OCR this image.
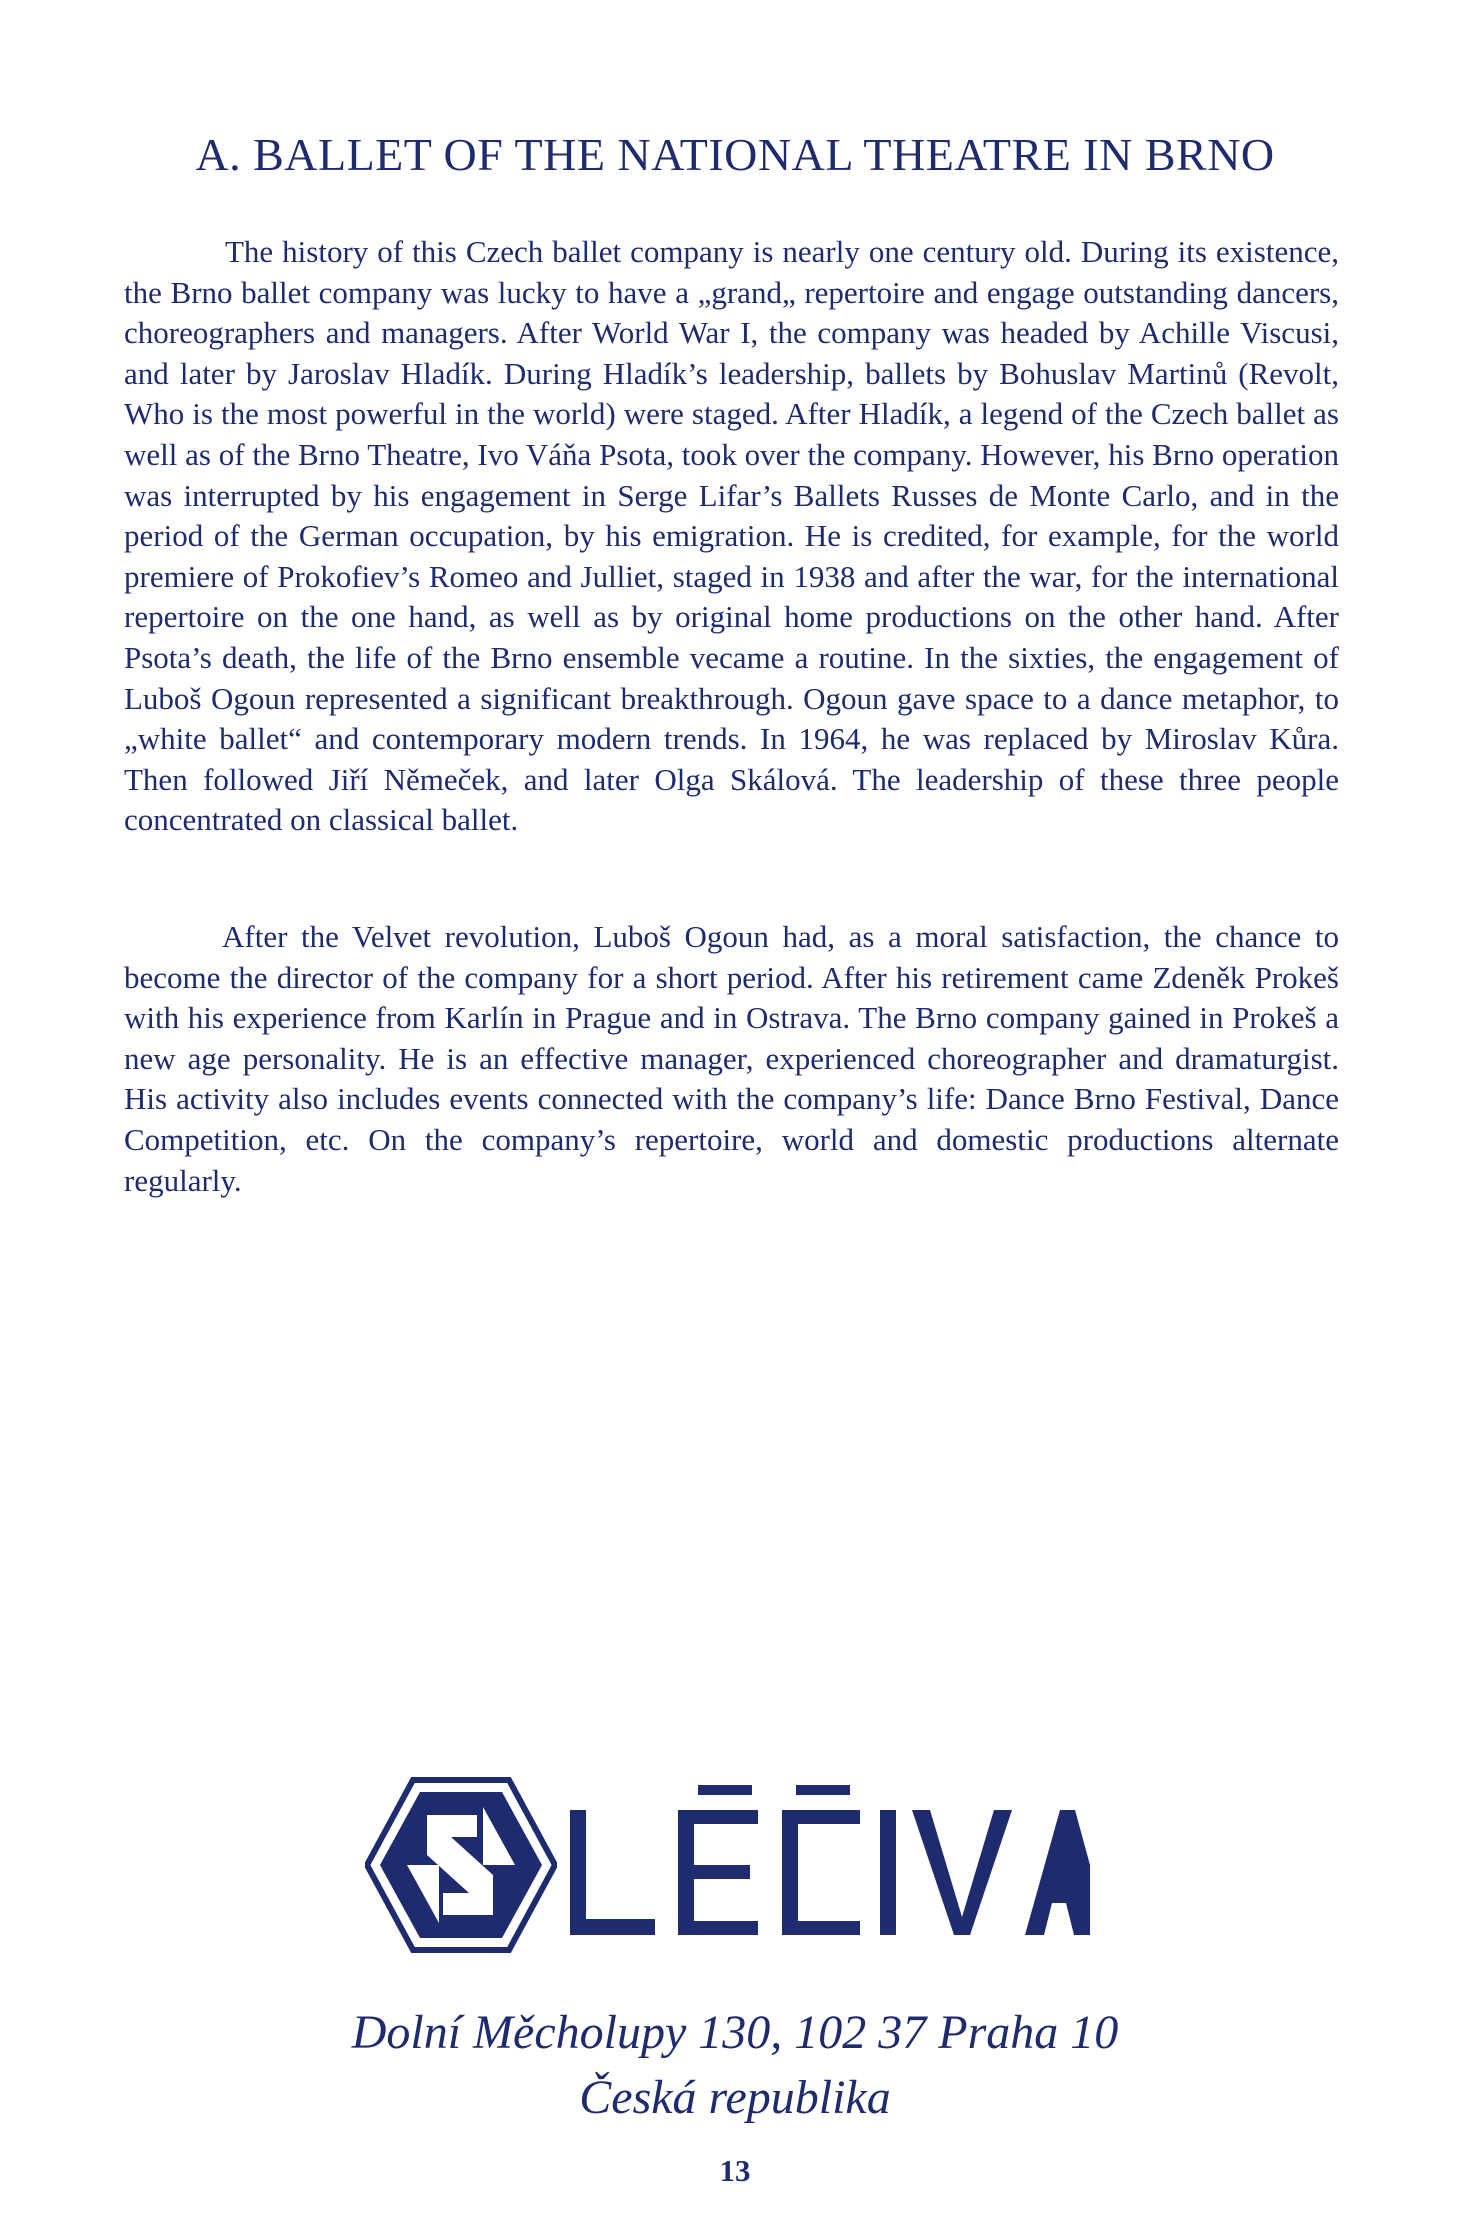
A. BALLET OF THE NATIONAL THEATRE IN BRNO

The history of this Czech ballet company is nearly one century old. During its existence, the Brno ballet company was lucky to have a „grand„ repertoire and engage outstanding dancers, choreographers and managers. After World War I, the company was headed by Achille Viscusi, and later by Jaroslav Hladík. During Hladík’s leadership, ballets by Bohuslav Martinů (Revolt, Who is the most powerful in the world) were staged. After Hladík, a legend of the Czech ballet as well as of the Brno Theatre, Ivo Váňa Psota, took over the company. However, his Brno operation was interrupted by his engagement in Serge Lifar’s Ballets Russes de Monte Carlo, and in the period of the German occupation, by his emigration. He is credited, for example, for the world premiere of Prokofiev’s Romeo and Julliet, staged in 1938 and after the war, for the international repertoire on the one hand, as well as by original home productions on the other hand. After Psota’s death, the life of the Brno ensemble vecame a routine. In the sixties, the engagement of Luboš Ogoun represented a significant breakthrough. Ogoun gave space to a dance metaphor, to „white ballet“ and contemporary modern trends. In 1964, he was replaced by Miroslav Kůra. Then followed Jiří Němeček, and later Olga Skálová. The leadership of these three people concentrated on classical ballet.

After the Velvet revolution, Luboš Ogoun had, as a moral satisfaction, the chance to become the director of the company for a short period. After his retirement came Zdeněk Prokeš with his experience from Karlín in Prague and in Ostrava. The Brno company gained in Prokeš a new age personality. He is an effective manager, experienced choreographer and dramaturgist. His activity also includes events connected with the company’s life: Dance Brno Festival, Dance Competition, etc. On the company’s repertoire, world and domestic productions alternate regularly.

Dolní Měcholupy 130, 102 37 Praha 10

Česká republika

13
